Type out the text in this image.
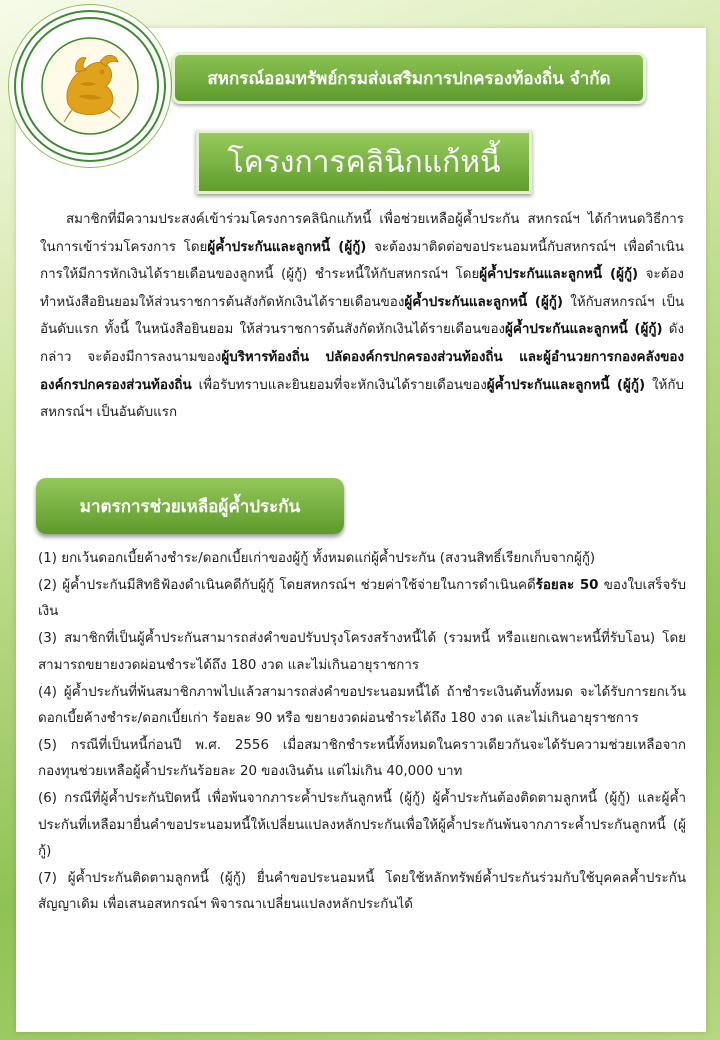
สหกรณ์ออมทรัพย์กรมส่งเสริมการปกครองท้องถิ่น จำกัด
โครงการคลินิกแก้หนี้
สมาชิกที่มีความประสงค์เข้าร่วมโครงการคลินิกแก้หนี้ เพื่อช่วยเหลือผู้ค้ำประกัน สหกรณ์ฯ ได้กำหนดวิธีการในการเข้าร่วมโครงการ โดยผู้ค้ำประกันและลูกหนี้ (ผู้กู้) จะต้องมาติดต่อขอประนอมหนี้กับสหกรณ์ฯ เพื่อดำเนินการให้มีการหักเงินได้รายเดือนของลูกหนี้ (ผู้กู้) ชำระหนี้ให้กับสหกรณ์ฯ โดยผู้ค้ำประกันและลูกหนี้ (ผู้กู้) จะต้องทำหนังสือยินยอมให้ส่วนราชการต้นสังกัดหักเงินได้รายเดือนของผู้ค้ำประกันและลูกหนี้ (ผู้กู้) ให้กับสหกรณ์ฯ เป็นอันดับแรก ทั้งนี้ ในหนังสือยินยอม ให้ส่วนราชการต้นสังกัดหักเงินได้รายเดือนของผู้ค้ำประกันและลูกหนี้ (ผู้กู้) ดังกล่าว จะต้องมีการลงนามของผู้บริหารท้องถิ่น ปลัดองค์กรปกครองส่วนท้องถิ่น และผู้อำนวยการกองคลังขององค์กรปกครองส่วนท้องถิ่น เพื่อรับทราบและยินยอมที่จะหักเงินได้รายเดือนของผู้ค้ำประกันและลูกหนี้ (ผู้กู้) ให้กับสหกรณ์ฯ เป็นอันดับแรก
มาตรการช่วยเหลือผู้ค้ำประกัน

(1) ยกเว้นดอกเบี้ยค้างชำระ/ดอกเบี้ยเก่าของผู้กู้ ทั้งหมดแก่ผู้ค้ำประกัน (สงวนสิทธิ์เรียกเก็บจากผู้กู้)

(2) ผู้ค้ำประกันมีสิทธิฟ้องดำเนินคดีกับผู้กู้ โดยสหกรณ์ฯ ช่วยค่าใช้จ่ายในการดำเนินคดีร้อยละ 50 ของใบเสร็จรับเงิน

(3) สมาชิกที่เป็นผู้ค้ำประกันสามารถส่งคำขอปรับปรุงโครงสร้างหนี้ได้ (รวมหนี้ หรือแยกเฉพาะหนี้ที่รับโอน) โดยสามารถขยายงวดผ่อนชำระได้ถึง 180 งวด และไม่เกินอายุราชการ

(4) ผู้ค้ำประกันที่พ้นสมาชิกภาพไปแล้วสามารถส่งคำขอประนอมหนี้ได้ ถ้าชำระเงินต้นทั้งหมด จะได้รับการยกเว้นดอกเบี้ยค้างชำระ/ดอกเบี้ยเก่า ร้อยละ 90 หรือ ขยายงวดผ่อนชำระได้ถึง 180 งวด และไม่เกินอายุราชการ

(5) กรณีที่เป็นหนี้ก่อนปี พ.ศ. 2556 เมื่อสมาชิกชำระหนี้ทั้งหมดในคราวเดียวกันจะได้รับความช่วยเหลือจากกองทุนช่วยเหลือผู้ค้ำประกันร้อยละ 20 ของเงินต้น แต่ไม่เกิน 40,000 บาท

(6) กรณีที่ผู้ค้ำประกันปิดหนี้ เพื่อพ้นจากภาระค้ำประกันลูกหนี้ (ผู้กู้) ผู้ค้ำประกันต้องติดตามลูกหนี้ (ผู้กู้) และผู้ค้ำประกันที่เหลือมายื่นคำขอประนอมหนี้ให้เปลี่ยนแปลงหลักประกันเพื่อให้ผู้ค้ำประกันพ้นจากภาระค้ำประกันลูกหนี้ (ผู้กู้)

(7) ผู้ค้ำประกันติดตามลูกหนี้ (ผู้กู้) ยื่นคำขอประนอมหนี้ โดยใช้หลักทรัพย์ค้ำประกันร่วมกับใช้บุคคลค้ำประกันสัญญาเดิม เพื่อเสนอสหกรณ์ฯ พิจารณาเปลี่ยนแปลงหลักประกันได้
